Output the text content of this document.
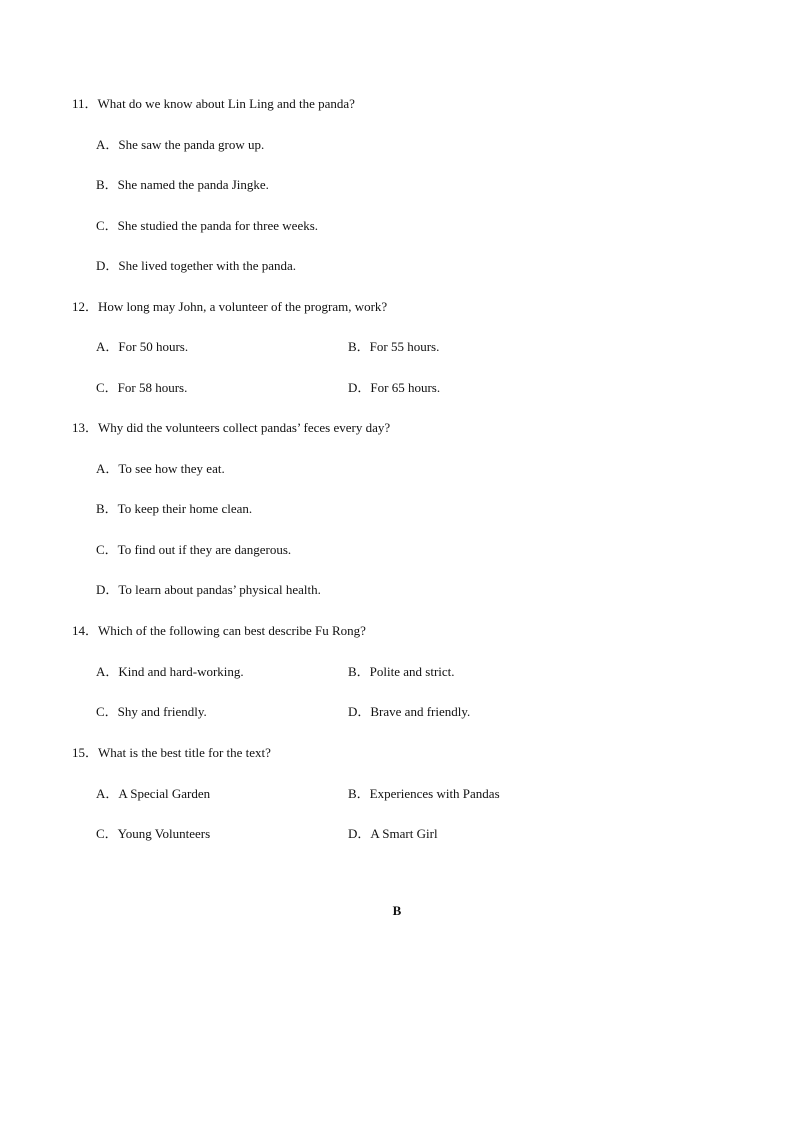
11．What do we know about Lin Ling and the panda?
A．She saw the panda grow up.
B．She named the panda Jingke.
C．She studied the panda for three weeks.
D．She lived together with the panda.
12．How long may John, a volunteer of the program, work?
A．For 50 hours.	B．For 55 hours.
C．For 58 hours.	D．For 65 hours.
13．Why did the volunteers collect pandas’ feces every day?
A．To see how they eat.
B．To keep their home clean.
C．To find out if they are dangerous.
D．To learn about pandas’ physical health.
14．Which of the following can best describe Fu Rong?
A．Kind and hard-working.	B．Polite and strict.
C．Shy and friendly.	D．Brave and friendly.
15．What is the best title for the text?
A．A Special Garden	B．Experiences with Pandas
C．Young Volunteers	D．A Smart Girl
B
